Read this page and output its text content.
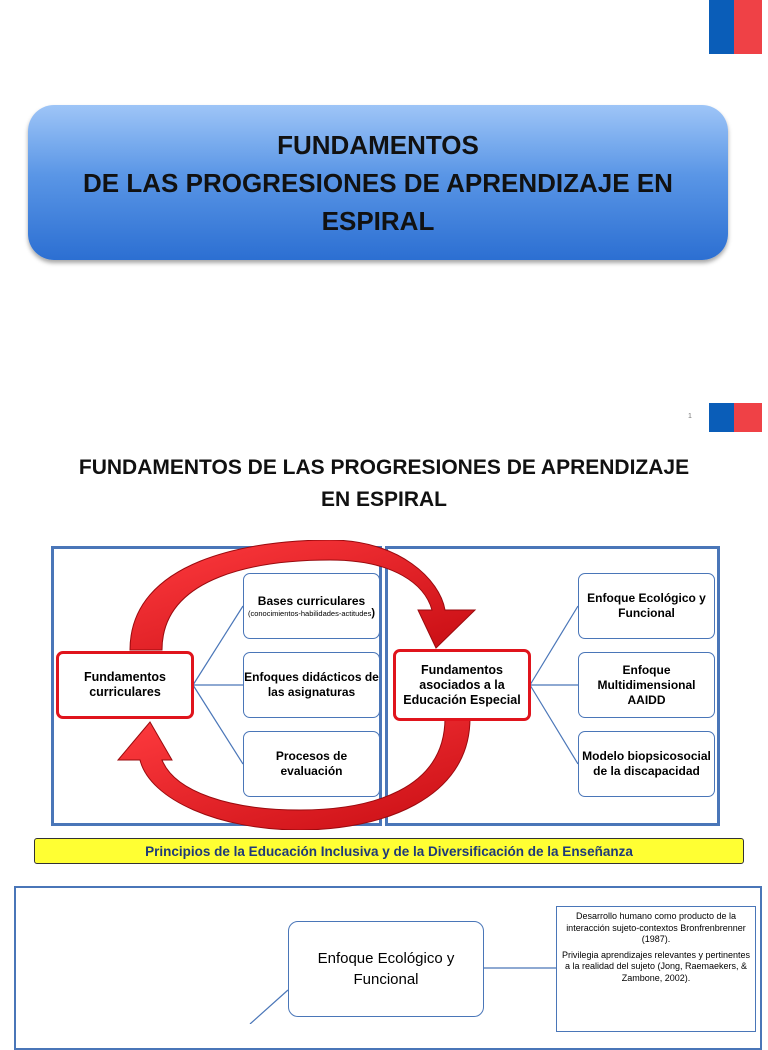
FUNDAMENTOS
DE LAS PROGRESIONES DE APRENDIZAJE EN
ESPIRAL
1
FUNDAMENTOS DE LAS PROGRESIONES DE APRENDIZAJE
EN ESPIRAL
Fundamentos curriculares
Bases curriculares
(conocimientos-habilidades-actitudes)
Enfoques didácticos de las asignaturas
Procesos de evaluación
Fundamentos asociados a la Educación Especial
Enfoque Ecológico y Funcional
Enfoque Multidimensional AAIDD
Modelo biopsicosocial de la discapacidad
Principios de la Educación Inclusiva y de la Diversificación de la Enseñanza
Enfoque Ecológico y Funcional

Desarrollo humano como producto de la interacción sujeto-contextos Bronfrenbrenner (1987).

Privilegia aprendizajes relevantes y pertinentes a la realidad del sujeto (Jong, Raemaekers, & Zambone, 2002).
